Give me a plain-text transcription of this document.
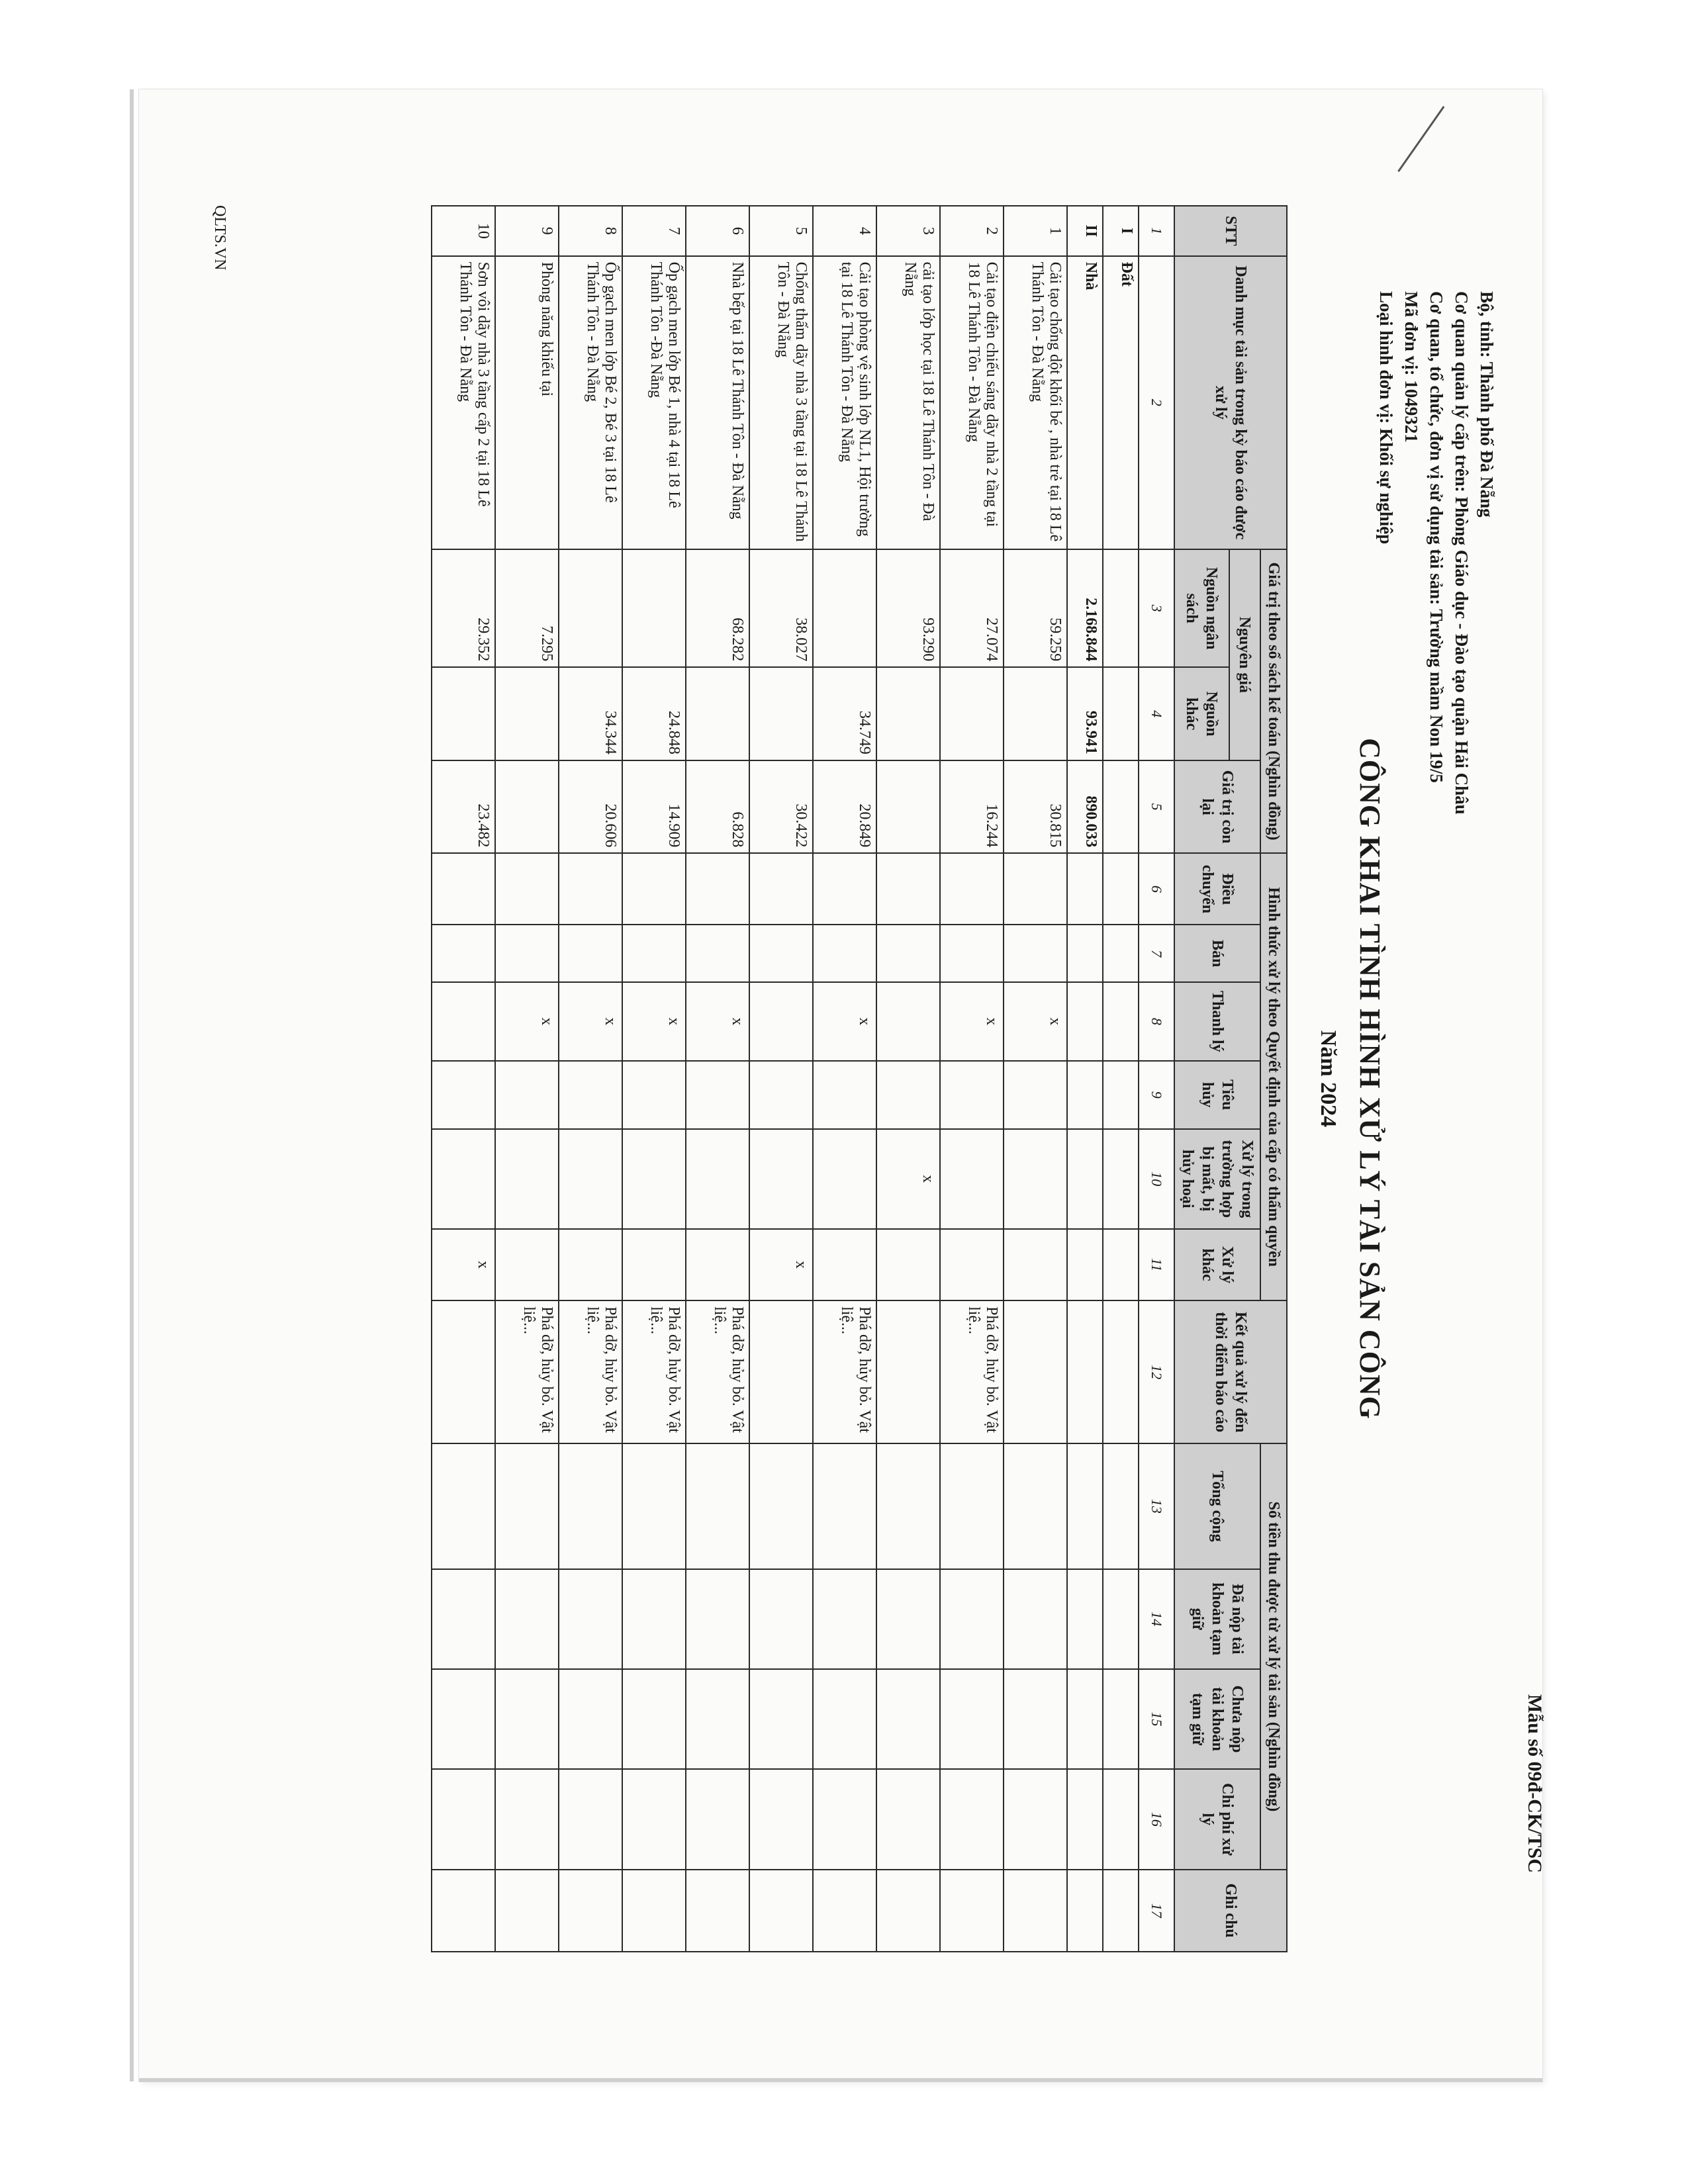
Mẫu số 09đ-CK/TSC
Bộ, tỉnh: Thành phố Đà Nẵng
Cơ quan quản lý cấp trên: Phòng Giáo dục - Đào tạo quận Hải Châu
Cơ quan, tổ chức, đơn vị sử dụng tài sản: Trường mầm Non 19/5
Mã đơn vị: 1049321
Loại hình đơn vị: Khối sự nghiệp
CÔNG KHAI TÌNH HÌNH XỬ LÝ TÀI SẢN CÔNG
Năm 2024
STT	Danh mục tài sản trong kỳ báo cáo được xử lý	Giá trị theo sổ sách kế toán (Nghìn đồng)			Hình thức xử lý theo Quyết định của cấp có thẩm quyền						Kết quả xử lý đến thời điểm báo cáo	Số tiền thu được từ xử lý tài sản (Nghìn đồng)				Ghi chú
		Nguyên giá		Giá trị còn lại	Điều chuyển	Bán	Thanh lý	Tiêu hủy	Xử lý trong trường hợp bị mất, bị hủy hoại	Xử lý khác		Tổng cộng	Đã nộp tài khoản tạm giữ	Chưa nộp tài khoản tạm giữ	Chi phí xử lý	
		Nguồn ngân sách	Nguồn khác													
1	2	3	4	5	6	7	8	9	10	11	12	13	14	15	16	17
I	Đất															
II	Nhà	2.168.844	93.941	890.033												
1	Cải tạo chống dột khối bé , nhà trẻ tại 18 Lê Thánh Tôn - Đà Nẵng	59.259		30.815			x									
2	Cải tạo điện chiếu sáng dãy nhà 2 tầng tại 18 Lê Thánh Tôn - Đà Nẵng	27.074		16.244			x				Phá dỡ, hủy bỏ. Vật liệ...					
3	cải tạo lớp học tại 18 Lê Thánh Tôn - Đà Nẵng	93.290							x							
4	Cải tạo phòng vệ sinh lớp NL1, Hội trường tại 18 Lê Thánh Tôn - Đà Nẵng		34.749	20.849			x				Phá dỡ, hủy bỏ. Vật liệ...					
5	Chống thấm dãy nhà 3 tầng tại 18 Lê Thánh Tôn - Đà Nẵng	38.027		30.422						x						
6	Nhà bếp tại 18 Lê Thánh Tôn - Đà Nẵng	68.282		6.828			x				Phá dỡ, hủy bỏ. Vật liệ...					
7	Ốp gạch men lớp Bé 1, nhà 4 tại 18 Lê Thánh Tôn -Đà Nẵng		24.848	14.909			x				Phá dỡ, hủy bỏ. Vật liệ...					
8	Ốp gạch men lớp Bé 2, Bé 3 tại 18 Lê Thánh Tôn - Đà Nẵng		34.344	20.606			x				Phá dỡ, hủy bỏ. Vật liệ...					
9	Phòng năng khiếu tại	7.295					x				Phá dỡ, hủy bỏ. Vật liệ...					
10	Sơn vôi dãy nhà 3 tầng cấp 2 tại 18 Lê Thánh Tôn - Đà Nẵng	29.352		23.482						x						
QLTS.VN
